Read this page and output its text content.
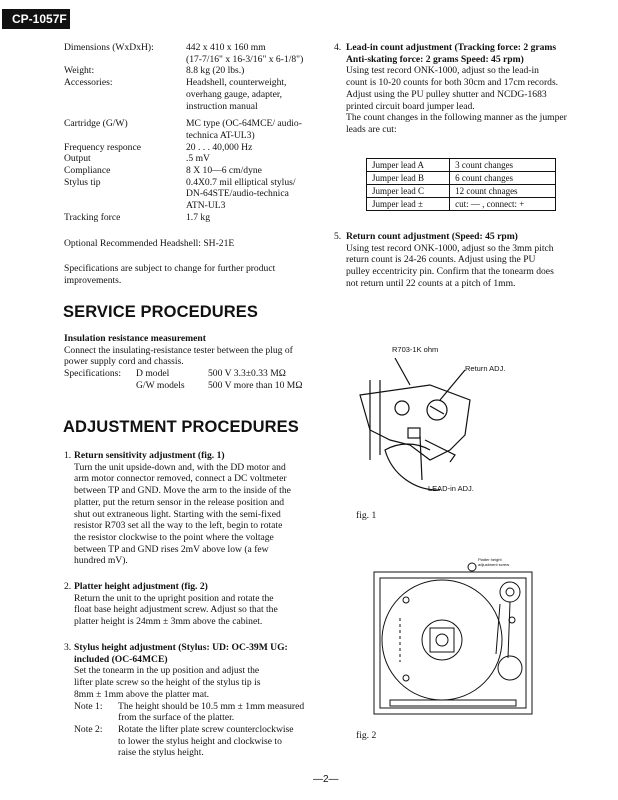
CP-1057F
Dimensions (WxDxH):	442 x 410 x 160 mm
(17-7/16" x 16-3/16" x 6-1/8")
Weight:	8.8 kg (20 lbs.)
Accessories:	Headshell, counterweight,
overhang gauge, adapter,
instruction manual
Cartridge (G/W)	MC type (OC-64MCE/ audio-
technica AT-UL3)
Frequency responce	20 . . . 40,000 Hz
Output	.5 mV
Compliance	8 X 10—6 cm/dyne
Stylus tip	0.4X0.7 mil elliptical stylus/
DN-64STE/audio-technica
ATN-UL3
Tracking force	1.7 kg

Optional Recommended Headshell: SH-21E

Specifications are subject to change for further product
improvements.
SERVICE PROCEDURES
Insulation resistance measurement
Connect the insulating-resistance tester between the plug of
power supply cord and chassis.
Specifications:	D model	500 V 3.3±0.33 MΩ
G/W models	500 V more than 10 MΩ
ADJUSTMENT PROCEDURES
1. Return sensitivity adjustment (fig. 1)
Turn the unit upside-down and, with the DD motor and
arm motor connector removed, connect a DC voltmeter
between TP and GND. Move the arm to the inside of the
platter, put the return sensor in the release position and
shut out extraneous light. Starting with the semi-fixed
resistor R703 set all the way to the left, begin to rotate
the resistor clockwise to the point where the voltage
between TP and GND rises 2mV above low (a few
hundred mV).
2. Platter height adjustment (fig. 2)
Return the unit to the upright position and rotate the
float base height adjustment screw. Adjust so that the
platter height is 24mm ± 3mm above the cabinet.
3. Stylus height adjustment (Stylus: UD: OC-39M UG:
included (OC-64MCE)
Set the tonearm in the up position and adjust the
lifter plate screw so the height of the stylus tip is
8mm ± 1mm above the platter mat.
Note 1:	The height should be 10.5 mm ± 1mm measured
from the surface of the platter.
Note 2:	Rotate the lifter plate screw counterclockwise
to lower the stylus height and clockwise to
raise the stylus height.
4. Lead-in count adjustment (Tracking force: 2 grams
Anti-skating force: 2 grams Speed: 45 rpm)
Using test record ONK-1000, adjust so the lead-in
count is 10-20 counts for both 30cm and 17cm records.
Adjust using the PU pulley shutter and NCDG-1683
printed circuit board jumper lead.
The count changes in the following manner as the jumper
leads are cut:
Jumper lead A	3 count changes
Jumper lead B	6 count changes
Jumper lead C	12 count chnages
Jumper lead ±	cut: — , connect: +
5. Return count adjustment (Speed: 45 rpm)
Using test record ONK-1000, adjust so the 3mm pitch
return count is 24-26 counts. Adjust using the PU
pulley eccentricity pin. Confirm that the tonearm does
not return until 22 counts at a pitch of 1mm.
R703-1K ohm
Return ADJ.
LEAD-in ADJ.
fig. 1
Platter height adjustment screw
fig. 2
—2—
